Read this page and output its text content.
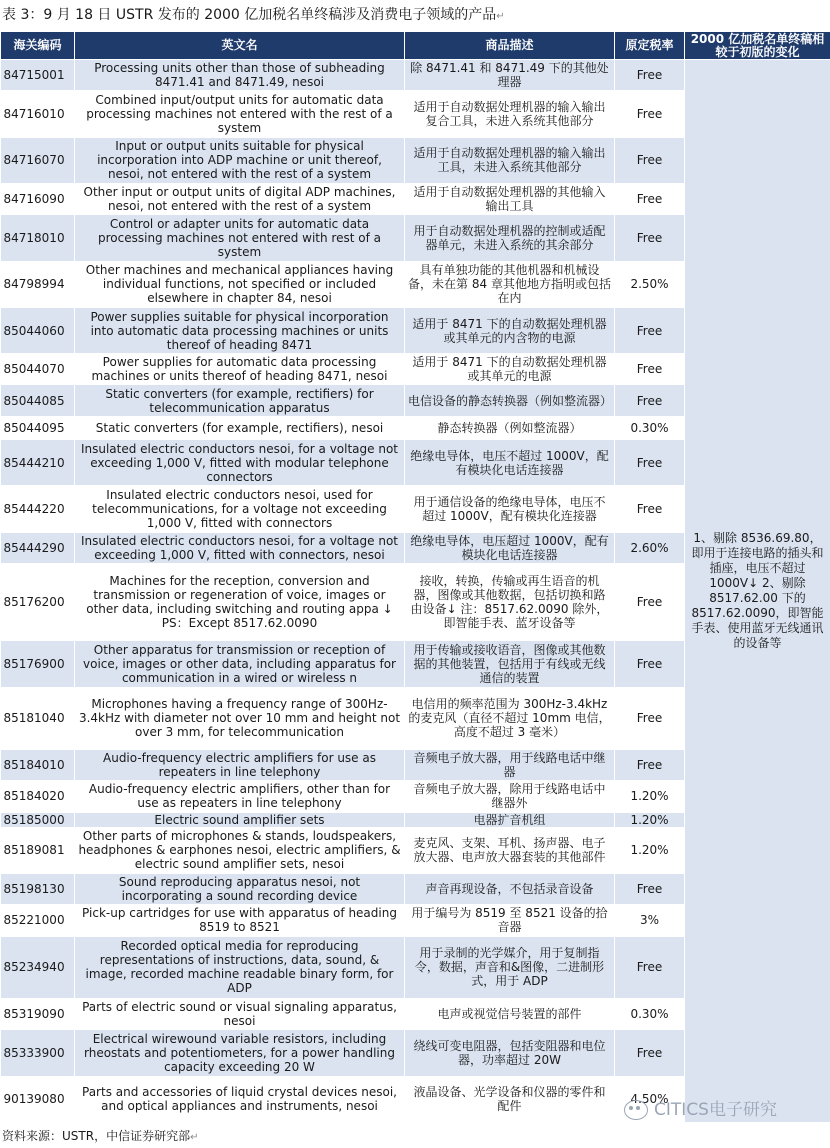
表 3：9 月 18 日 USTR 发布的 2000 亿加税名单终稿涉及消费电子领域的产品↵
海关编码	英文名	商品描述	原定税率	2000 亿加税名单终稿相较于初版的变化
84715001	Processing units other than those of subheading 8471.41 and 8471.49, nesoi	除 8471.41 和 8471.49 下的其他处理器	Free	1、剔除 8536.69.80，即用于连接电路的插头和插座，电压不超过 1000V↓ 2、剔除 8517.62.00 下的 8517.62.0090，即智能手表、使用蓝牙无线通讯的设备等
84716010	Combined input/output units for automatic data processing machines not entered with the rest of a system	适用于自动数据处理机器的输入输出复合工具，未进入系统其他部分	Free	
84716070	Input or output units suitable for physical incorporation into ADP machine or unit thereof, nesoi, not entered with the rest of a system	适用于自动数据处理机器的输入输出工具，未进入系统其他部分	Free	
84716090	Other input or output units of digital ADP machines, nesoi, not entered with the rest of a system	适用于自动数据处理机器的其他输入输出工具	Free	
84718010	Control or adapter units for automatic data processing machines not entered with rest of a system	用于自动数据处理机器的控制或适配器单元，未进入系统的其余部分	Free	
84798994	Other machines and mechanical appliances having individual functions, not specified or included elsewhere in chapter 84, nesoi	具有单独功能的其他机器和机械设备，未在第 84 章其他地方指明或包括在内	2.50%	
85044060	Power supplies suitable for physical incorporation into automatic data processing machines or units thereof of heading 8471	适用于 8471 下的自动数据处理机器或其单元的内含物的电源	Free	
85044070	Power supplies for automatic data processing machines or units thereof of heading 8471, nesoi	适用于 8471 下的自动数据处理机器或其单元的电源	Free	
85044085	Static converters (for example, rectifiers) for telecommunication apparatus	电信设备的静态转换器（例如整流器）	Free	
85044095	Static converters (for example, rectifiers), nesoi	静态转换器（例如整流器）	0.30%	
85444210	Insulated electric conductors nesoi, for a voltage not exceeding 1,000 V, fitted with modular telephone connectors	绝缘电导体，电压不超过 1000V，配有模块化电话连接器	Free	
85444220	Insulated electric conductors nesoi, used for telecommunications, for a voltage not exceeding 1,000 V, fitted with connectors	用于通信设备的绝缘电导体，电压不超过 1000V，配有模块化连接器	Free	
85444290	Insulated electric conductors nesoi, for a voltage not exceeding 1,000 V, fitted with connectors, nesoi	绝缘电导体，电压超过 1000V，配有模块化电话连接器	2.60%	
85176200	Machines for the reception, conversion and transmission or regeneration of voice, images or other data, including switching and routing appa ↓ PS：Except 8517.62.0090	接收，转换，传输或再生语音的机器，图像或其他数据，包括切换和路由设备↓ 注：8517.62.0090 除外，即智能手表、蓝牙设备等	Free	
85176900	Other apparatus for transmission or reception of voice, images or other data, including apparatus for communication in a wired or wireless n	用于传输或接收语音，图像或其他数据的其他装置，包括用于有线或无线通信的装置	Free	
85181040	Microphones having a frequency range of 300Hz-3.4kHz with diameter not over 10 mm and height not over 3 mm, for telecommunication	电信用的频率范围为 300Hz-3.4kHz 的麦克风（直径不超过 10mm 电信，高度不超过 3 毫米）	Free	
85184010	Audio-frequency electric amplifiers for use as repeaters in line telephony	音频电子放大器，用于线路电话中继器	Free	
85184020	Audio-frequency electric amplifiers, other than for use as repeaters in line telephony	音频电子放大器，除用于线路电话中继器外	1.20%	
85185000	Electric sound amplifier sets	电器扩音机组	1.20%	
85189081	Other parts of microphones & stands, loudspeakers, headphones & earphones nesoi, electric amplifiers, & electric sound amplifier sets, nesoi	麦克风、支架、耳机、扬声器、电子放大器、电声放大器套装的其他部件	1.20%	
85198130	Sound reproducing apparatus nesoi, not incorporating a sound recording device	声音再现设备，不包括录音设备	Free	
85221000	Pick-up cartridges for use with apparatus of heading 8519 to 8521	用于编号为 8519 至 8521 设备的拾音器	3%	
85234940	Recorded optical media for reproducing representations of instructions, data, sound, & image, recorded machine readable binary form, for ADP	用于录制的光学媒介，用于复制指令，数据，声音和&图像，二进制形式，用于 ADP	Free	
85319090	Parts of electric sound or visual signaling apparatus, nesoi	电声或视觉信号装置的部件	0.30%	
85333900	Electrical wirewound variable resistors, including rheostats and potentiometers, for a power handling capacity exceeding 20 W	绕线可变电阻器，包括变阻器和电位器，功率超过 20W	Free	
90139080	Parts and accessories of liquid crystal devices nesoi, and optical appliances and instruments, nesoi	液晶设备、光学设备和仪器的零件和配件	4.50%	
CITICS电子研究
资料来源：USTR，中信证券研究部↵
